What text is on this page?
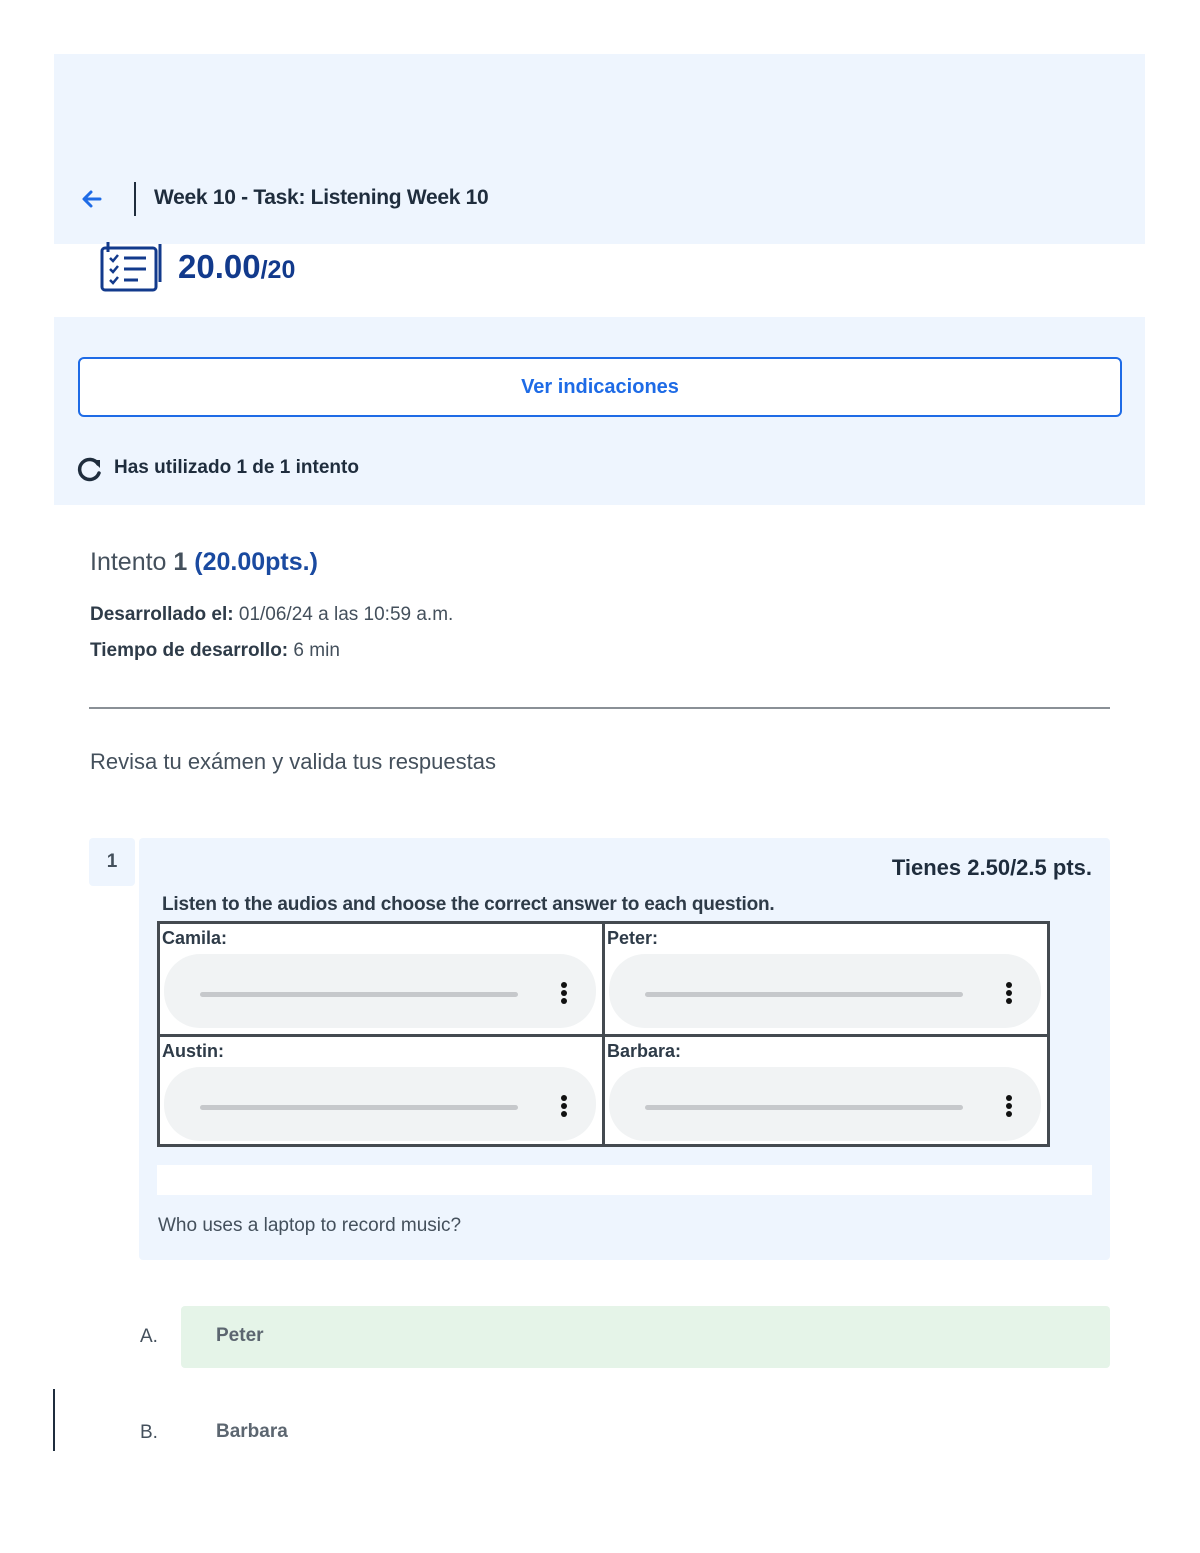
Week 10 - Task: Listening Week 10
20.00/20
Ver indicaciones
Has utilizado 1 de 1 intento
Intento 1 (20.00pts.)
Desarrollado el: 01/06/24 a las 10:59 a.m.
Tiempo de desarrollo: 6 min
Revisa tu exámen y valida tus respuestas
1	Tienes 2.50/2.5 pts.
Listen to the audios and choose the correct answer to each question.
Camila:	Peter:
Austin:	Barbara:
Who uses a laptop to record music?
A.	Peter
B.	Barbara
